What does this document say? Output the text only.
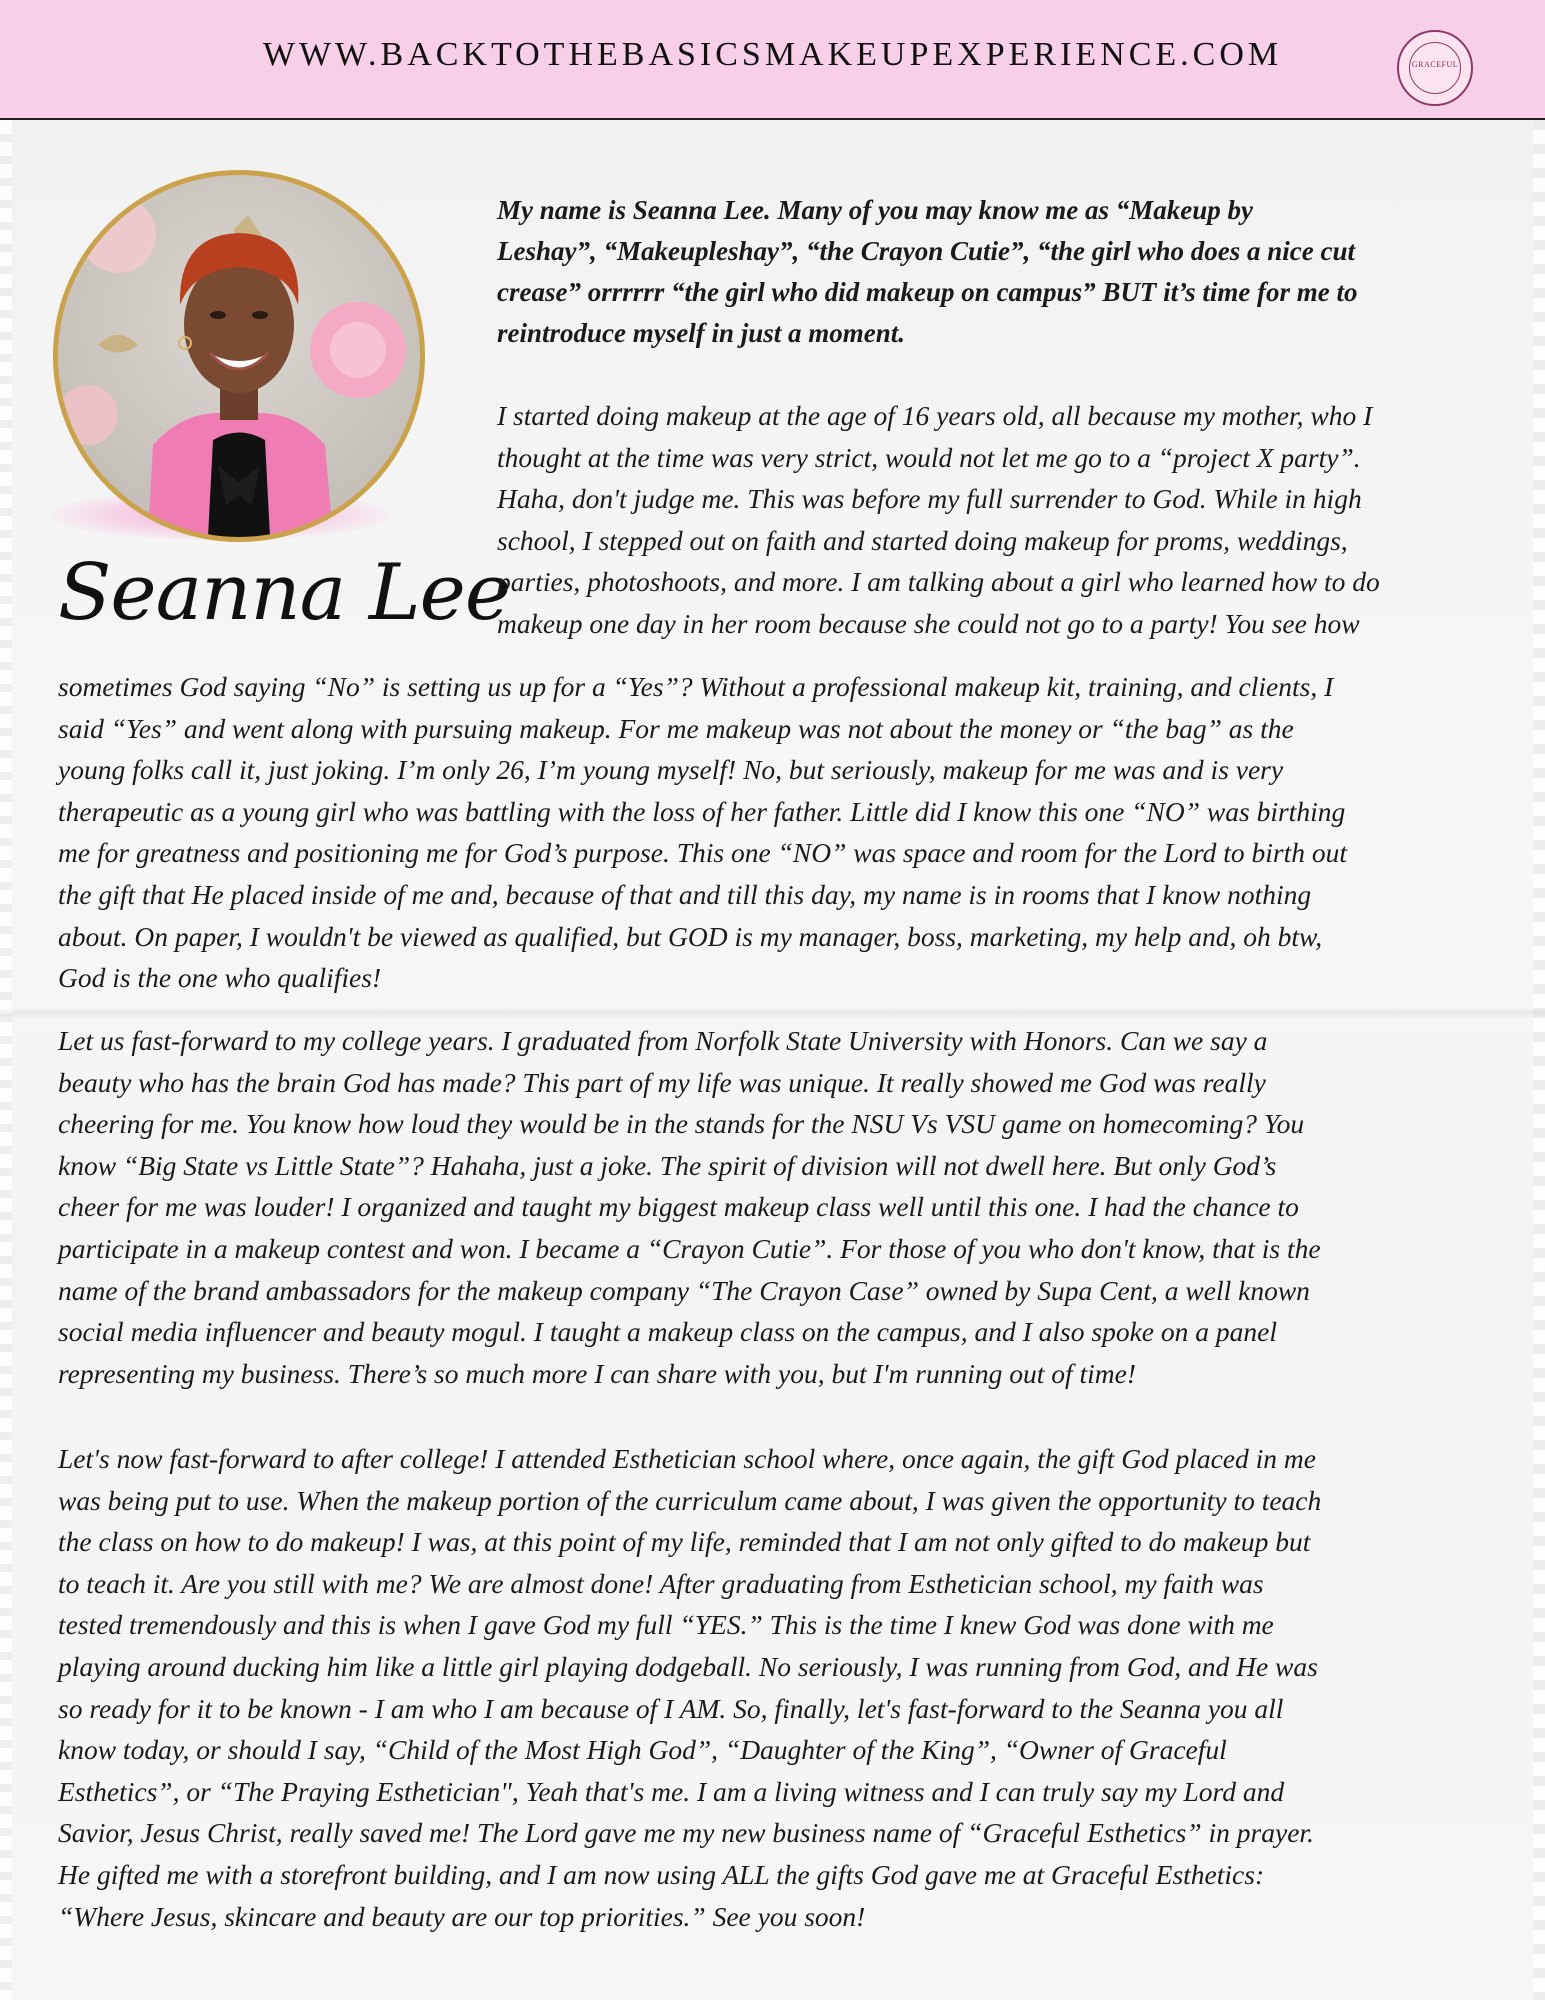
WWW.BACKTOTHEBASICSMAKEUPEXPERIENCE.COM	GRACEFUL
Seanna Lee
My name is Seanna Lee. Many of you may know me as “Makeup by
Leshay”, “Makeupleshay”, “the Crayon Cutie”, “the girl who does a nice cut
crease” orrrrrr “the girl who did makeup on campus” BUT it’s time for me to
reintroduce myself in just a moment.
I started doing makeup at the age of 16 years old, all because my mother, who I
thought at the time was very strict, would not let me go to a “project X party”.
Haha, don't judge me. This was before my full surrender to God. While in high
school, I stepped out on faith and started doing makeup for proms, weddings,
parties, photoshoots, and more. I am talking about a girl who learned how to do
makeup one day in her room because she could not go to a party! You see how
sometimes God saying “No” is setting us up for a “Yes”? Without a professional makeup kit, training, and clients, I
said “Yes” and went along with pursuing makeup. For me makeup was not about the money or “the bag” as the
young folks call it, just joking. I’m only 26, I’m young myself! No, but seriously, makeup for me was and is very
therapeutic as a young girl who was battling with the loss of her father. Little did I know this one “NO” was birthing
me for greatness and positioning me for God’s purpose. This one “NO” was space and room for the Lord to birth out
the gift that He placed inside of me and, because of that and till this day, my name is in rooms that I know nothing
about. On paper, I wouldn't be viewed as qualified, but GOD is my manager, boss, marketing, my help and, oh btw,
God is the one who qualifies!
Let us fast-forward to my college years. I graduated from Norfolk State University with Honors. Can we say a
beauty who has the brain God has made? This part of my life was unique. It really showed me God was really
cheering for me. You know how loud they would be in the stands for the NSU Vs VSU game on homecoming? You
know “Big State vs Little State”? Hahaha, just a joke. The spirit of division will not dwell here. But only God’s
cheer for me was louder! I organized and taught my biggest makeup class well until this one. I had the chance to
participate in a makeup contest and won. I became a “Crayon Cutie”. For those of you who don't know, that is the
name of the brand ambassadors for the makeup company “The Crayon Case” owned by Supa Cent, a well known
social media influencer and beauty mogul. I taught a makeup class on the campus, and I also spoke on a panel
representing my business. There’s so much more I can share with you, but I'm running out of time!
Let's now fast-forward to after college! I attended Esthetician school where, once again, the gift God placed in me
was being put to use. When the makeup portion of the curriculum came about, I was given the opportunity to teach
the class on how to do makeup! I was, at this point of my life, reminded that I am not only gifted to do makeup but
to teach it. Are you still with me? We are almost done! After graduating from Esthetician school, my faith was
tested tremendously and this is when I gave God my full “YES.” This is the time I knew God was done with me
playing around ducking him like a little girl playing dodgeball. No seriously, I was running from God, and He was
so ready for it to be known - I am who I am because of I AM. So, finally, let's fast-forward to the Seanna you all
know today, or should I say, “Child of the Most High God”, “Daughter of the King”, “Owner of Graceful
Esthetics”, or “The Praying Esthetician", Yeah that's me. I am a living witness and I can truly say my Lord and
Savior, Jesus Christ, really saved me! The Lord gave me my new business name of “Graceful Esthetics” in prayer.
He gifted me with a storefront building, and I am now using ALL the gifts God gave me at Graceful Esthetics:
“Where Jesus, skincare and beauty are our top priorities.” See you soon!
